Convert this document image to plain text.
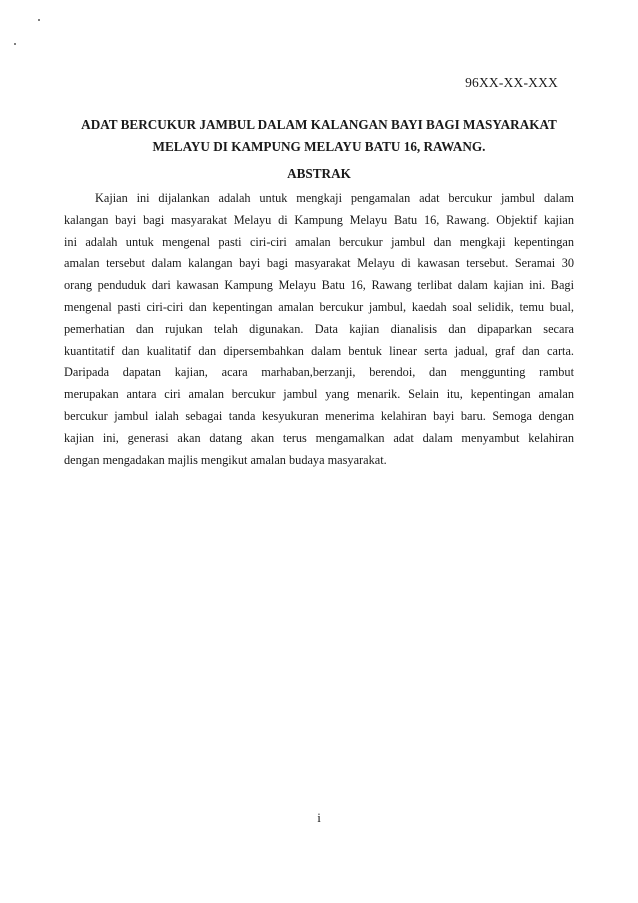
96XX-XX-XXX
ADAT BERCUKUR JAMBUL DALAM KALANGAN BAYI BAGI MASYARAKAT
MELAYU DI KAMPUNG MELAYU BATU 16, RAWANG.
ABSTRAK

Kajian ini dijalankan adalah untuk mengkaji pengamalan adat bercukur jambul dalam
kalangan bayi bagi masyarakat Melayu di Kampung Melayu Batu 16, Rawang. Objektif kajian
ini adalah untuk mengenal pasti ciri-ciri amalan bercukur jambul dan mengkaji kepentingan
amalan tersebut dalam kalangan bayi bagi masyarakat Melayu di kawasan tersebut. Seramai 30
orang penduduk dari kawasan Kampung Melayu Batu 16, Rawang terlibat dalam kajian ini. Bagi
mengenal pasti ciri-ciri dan kepentingan amalan bercukur jambul, kaedah soal selidik, temu bual,
pemerhatian dan rujukan telah digunakan. Data kajian dianalisis dan dipaparkan secara
kuantitatif dan kualitatif dan dipersembahkan dalam bentuk linear serta jadual, graf dan carta.
Daripada dapatan kajian, acara marhaban,berzanji, berendoi, dan menggunting rambut
merupakan antara ciri amalan bercukur jambul yang menarik. Selain itu, kepentingan amalan
bercukur jambul ialah sebagai tanda kesyukuran menerima kelahiran bayi baru. Semoga dengan
kajian ini, generasi akan datang akan terus mengamalkan adat dalam menyambut kelahiran
dengan mengadakan majlis mengikut amalan budaya masyarakat.

i
